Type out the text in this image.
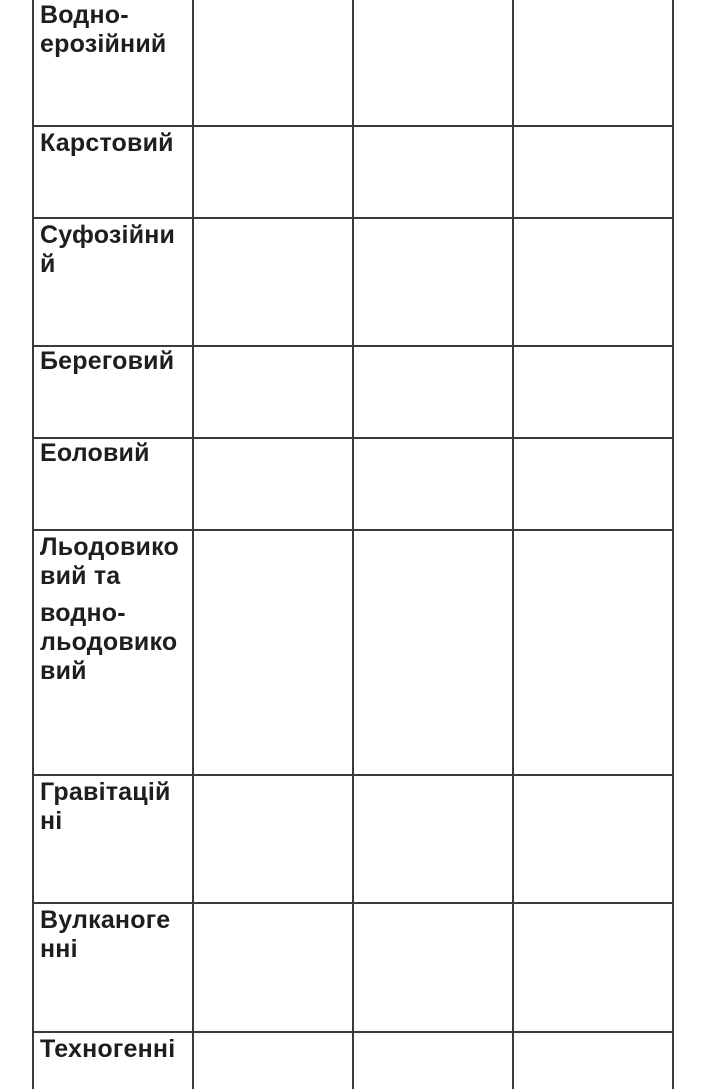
Водно-
ерозійний
Карстовий
Суфозійни
й
Береговий
Еоловий
Льодовико
вий та
водно-
льодовико
вий
Гравітацій
ні
Вулканоге
нні
Техногенні
